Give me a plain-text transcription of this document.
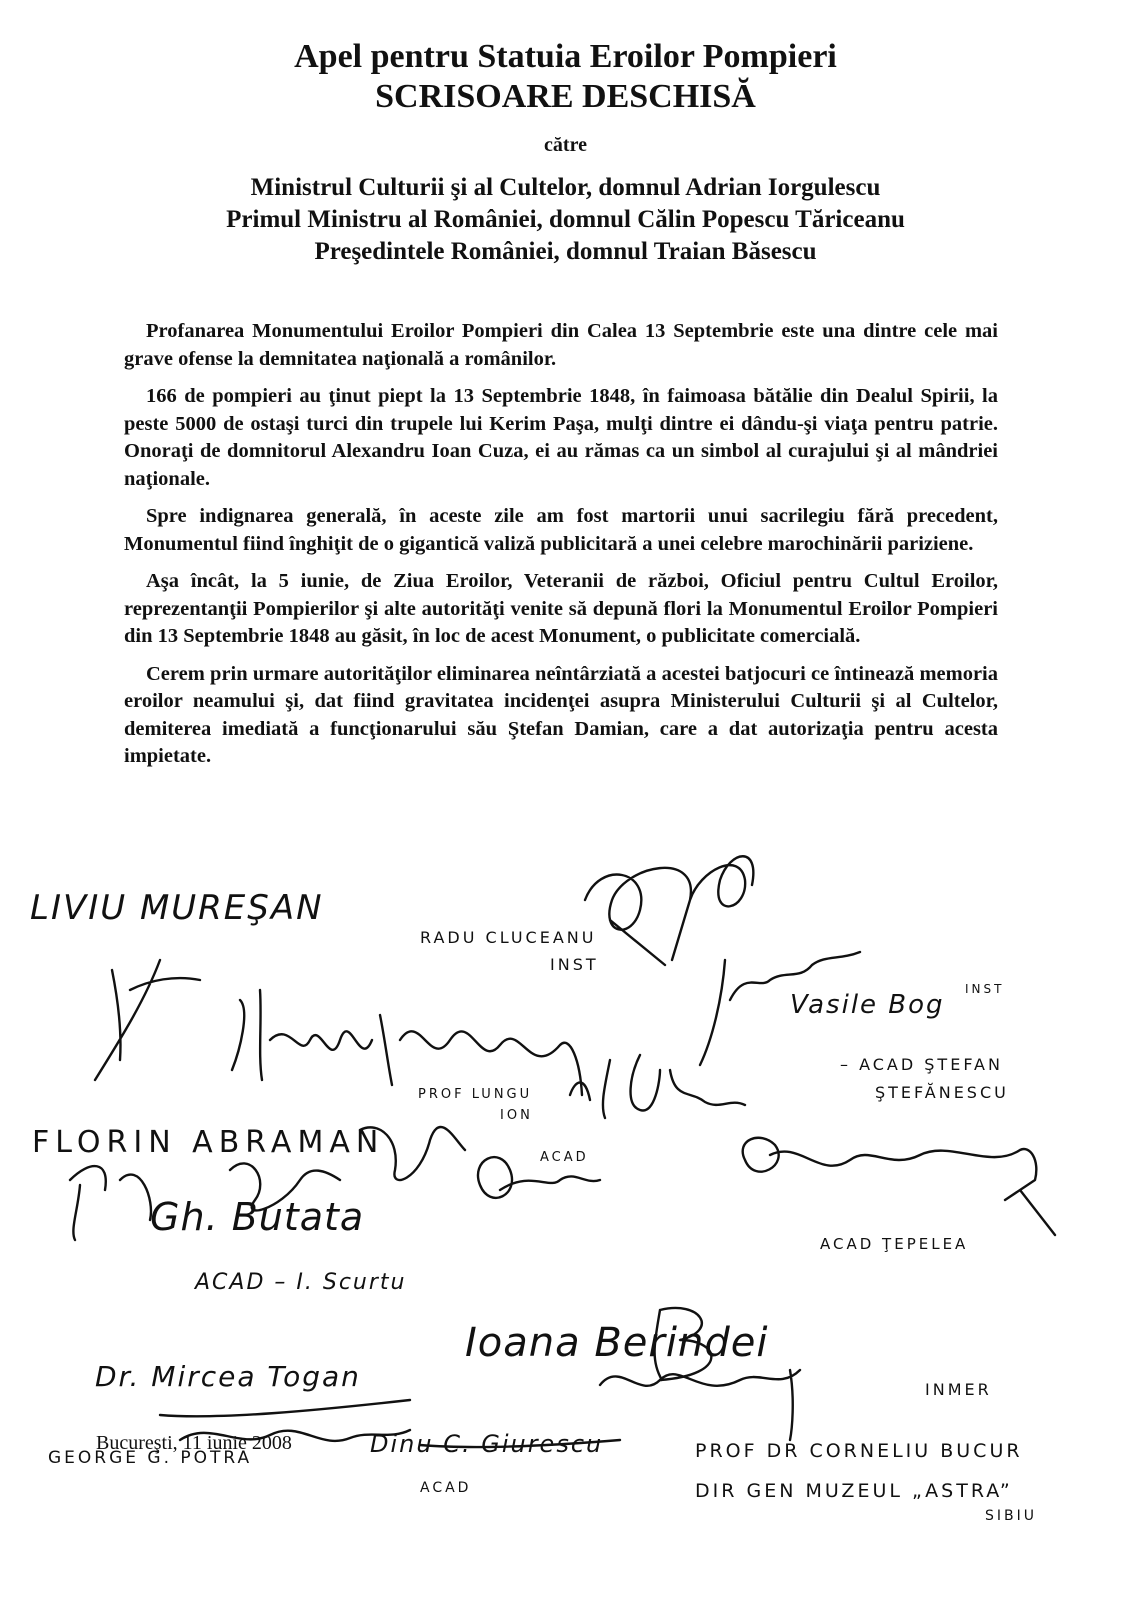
Apel pentru Statuia Eroilor Pompieri
SCRISOARE DESCHISĂ
către
Ministrul Culturii şi al Cultelor, domnul Adrian Iorgulescu
Primul Ministru al României, domnul Călin Popescu Tăriceanu
Preşedintele României, domnul Traian Băsescu

Profanarea Monumentului Eroilor Pompieri din Calea 13 Septembrie este una dintre cele mai grave ofense la demnitatea naţională a românilor.

166 de pompieri au ţinut piept la 13 Septembrie 1848, în faimoasa bătălie din Dealul Spirii, la peste 5000 de ostaşi turci din trupele lui Kerim Paşa, mulţi dintre ei dându-şi viaţa pentru patrie. Onoraţi de domnitorul Alexandru Ioan Cuza, ei au rămas ca un simbol al curajului şi al mândriei naţionale.

Spre indignarea generală, în aceste zile am fost martorii unui sacrilegiu fără precedent, Monumentul fiind înghiţit de o gigantică valiză publicitară a unei celebre marochinării pariziene.

Aşa încât, la 5 iunie, de Ziua Eroilor, Veteranii de război, Oficiul pentru Cultul Eroilor, reprezentanţii Pompierilor şi alte autorităţi venite să depună flori la Monumentul Eroilor Pompieri din 13 Septembrie 1848 au găsit, în loc de acest Monument, o publicitate comercială.

Cerem prin urmare autorităţilor eliminarea neîntârziată a acestei batjocuri ce întinează memoria eroilor neamului şi, dat fiind gravitatea incidenţei asupra Ministerului Culturii şi al Cultelor, demiterea imediată a funcţionarului său Ştefan Damian, care a dat autorizaţia pentru acesta impietate.

LIVIU MUREŞAN
RADU CLUCEANU
INST
Vasile Bog
INST
– ACAD ŞTEFAN
ŞTEFĂNESCU
PROF LUNGU
ION
FLORIN ABRAMAN	ACAD
Gh. Butata
ACAD ŢEPELEA
ACAD – I. Scurtu
Ioana Berindei
Dr. Mircea Togan	INMER
Dinu C. Giurescu
ACAD
GEORGE G. POTRA	PROF DR CORNELIU BUCUR
DIR GEN MUZEUL „ASTRA”
SIBIU
Bucureşti, 11 iunie 2008
